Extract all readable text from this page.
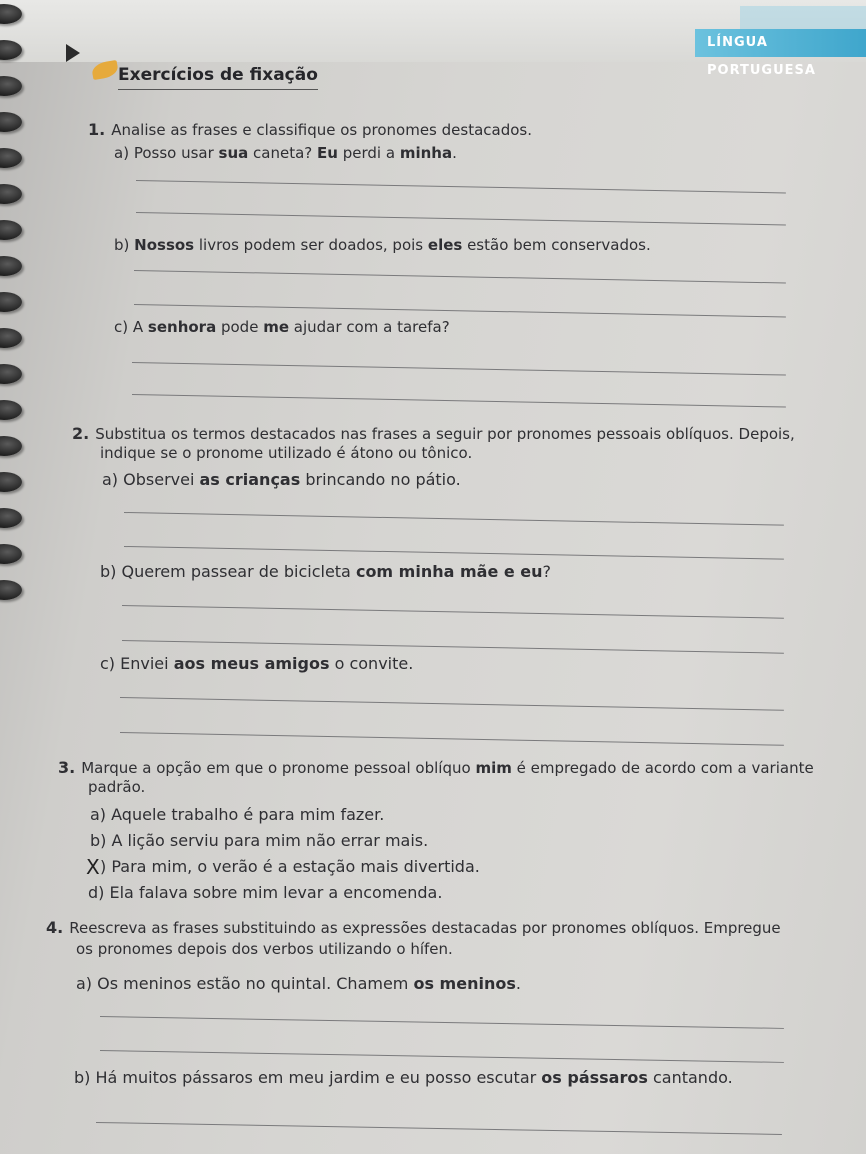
LÍNGUA PORTUGUESA
Exercícios de fixação
1. Analise as frases e classifique os pronomes destacados.
a) Posso usar sua caneta? Eu perdi a minha.
b) Nossos livros podem ser doados, pois eles estão bem conservados.
c) A senhora pode me ajudar com a tarefa?
2. Substitua os termos destacados nas frases a seguir por pronomes pessoais oblíquos. Depois,
indique se o pronome utilizado é átono ou tônico.
a) Observei as crianças brincando no pátio.
b) Querem passear de bicicleta com minha mãe e eu?
c) Enviei aos meus amigos o convite.
3. Marque a opção em que o pronome pessoal oblíquo mim é empregado de acordo com a variante
padrão.
a) Aquele trabalho é para mim fazer.
b) A lição serviu para mim não errar mais.
X ) Para mim, o verão é a estação mais divertida.
d) Ela falava sobre mim levar a encomenda.
4. Reescreva as frases substituindo as expressões destacadas por pronomes oblíquos. Empregue
os pronomes depois dos verbos utilizando o hífen.
a) Os meninos estão no quintal. Chamem os meninos.
b) Há muitos pássaros em meu jardim e eu posso escutar os pássaros cantando.
